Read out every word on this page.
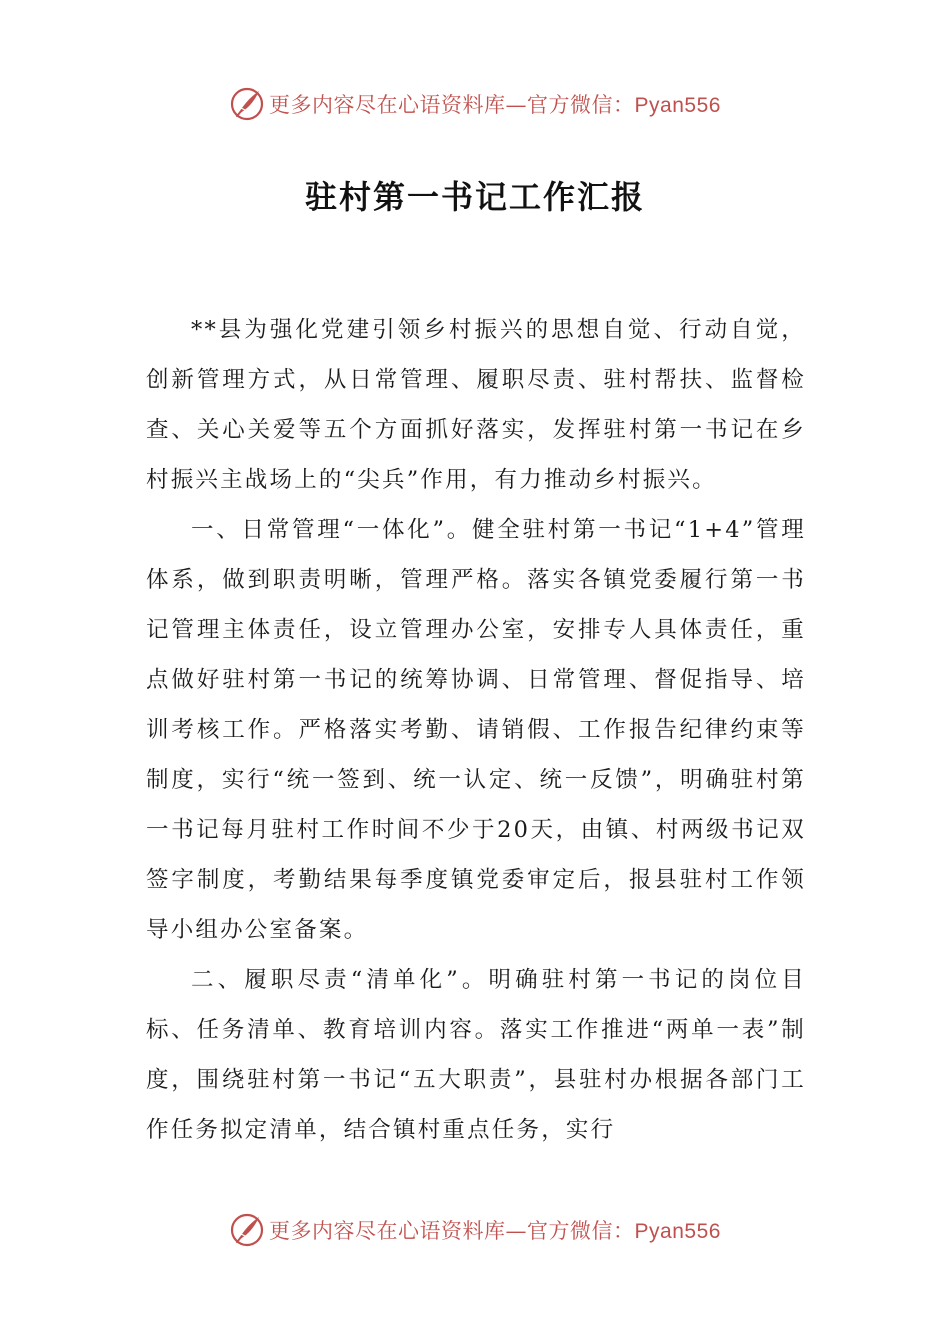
更多内容尽在心语资料库—官方微信：Pyan556
驻村第一书记工作汇报

**县为强化党建引领乡村振兴的思想自觉、行动自觉，创新管理方式，从日常管理、履职尽责、驻村帮扶、监督检查、关心关爱等五个方面抓好落实，发挥驻村第一书记在乡村振兴主战场上的“尖兵”作用，有力推动乡村振兴。

一、日常管理“一体化”。健全驻村第一书记“1+4”管理体系，做到职责明晰，管理严格。落实各镇党委履行第一书记管理主体责任，设立管理办公室，安排专人具体责任，重点做好驻村第一书记的统筹协调、日常管理、督促指导、培训考核工作。严格落实考勤、请销假、工作报告纪律约束等制度，实行“统一签到、统一认定、统一反馈”，明确驻村第一书记每月驻村工作时间不少于20天，由镇、村两级书记双签字制度，考勤结果每季度镇党委审定后，报县驻村工作领导小组办公室备案。

二、履职尽责“清单化”。明确驻村第一书记的岗位目标、任务清单、教育培训内容。落实工作推进“两单一表”制度，围绕驻村第一书记“五大职责”，县驻村办根据各部门工作任务拟定清单，结合镇村重点任务，实行

更多内容尽在心语资料库—官方微信：Pyan556
